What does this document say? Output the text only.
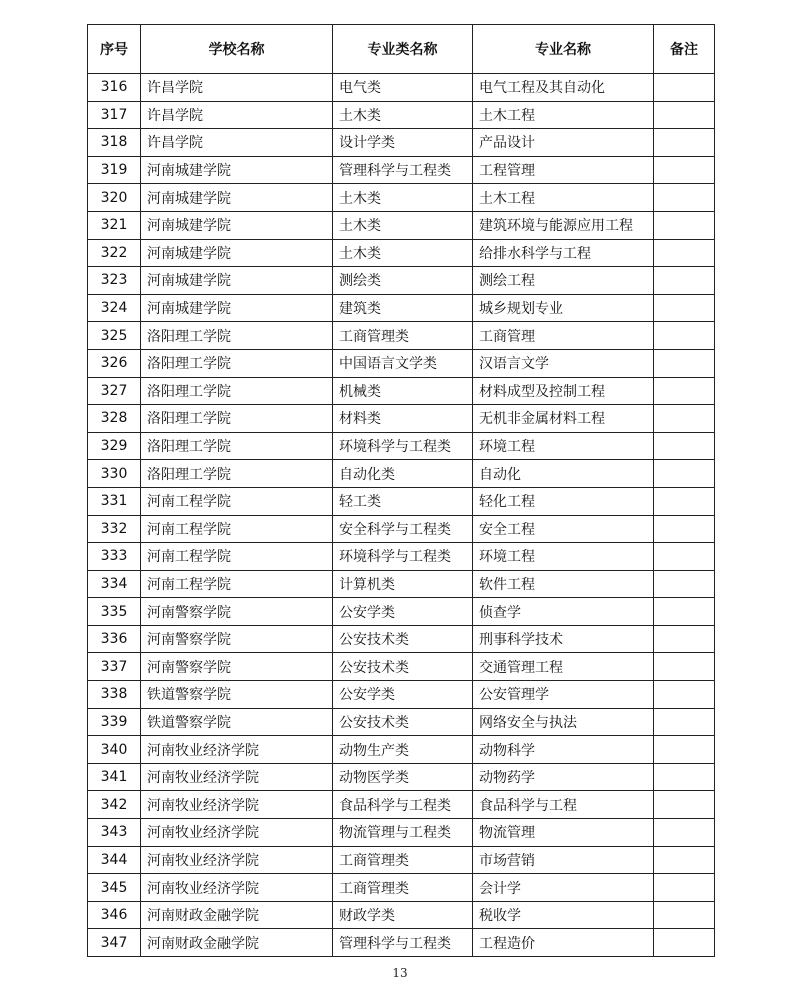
序号	学校名称	专业类名称	专业名称	备注
316	许昌学院	电气类	电气工程及其自动化	
317	许昌学院	土木类	土木工程	
318	许昌学院	设计学类	产品设计	
319	河南城建学院	管理科学与工程类	工程管理	
320	河南城建学院	土木类	土木工程	
321	河南城建学院	土木类	建筑环境与能源应用工程	
322	河南城建学院	土木类	给排水科学与工程	
323	河南城建学院	测绘类	测绘工程	
324	河南城建学院	建筑类	城乡规划专业	
325	洛阳理工学院	工商管理类	工商管理	
326	洛阳理工学院	中国语言文学类	汉语言文学	
327	洛阳理工学院	机械类	材料成型及控制工程	
328	洛阳理工学院	材料类	无机非金属材料工程	
329	洛阳理工学院	环境科学与工程类	环境工程	
330	洛阳理工学院	自动化类	自动化	
331	河南工程学院	轻工类	轻化工程	
332	河南工程学院	安全科学与工程类	安全工程	
333	河南工程学院	环境科学与工程类	环境工程	
334	河南工程学院	计算机类	软件工程	
335	河南警察学院	公安学类	侦查学	
336	河南警察学院	公安技术类	刑事科学技术	
337	河南警察学院	公安技术类	交通管理工程	
338	铁道警察学院	公安学类	公安管理学	
339	铁道警察学院	公安技术类	网络安全与执法	
340	河南牧业经济学院	动物生产类	动物科学	
341	河南牧业经济学院	动物医学类	动物药学	
342	河南牧业经济学院	食品科学与工程类	食品科学与工程	
343	河南牧业经济学院	物流管理与工程类	物流管理	
344	河南牧业经济学院	工商管理类	市场营销	
345	河南牧业经济学院	工商管理类	会计学	
346	河南财政金融学院	财政学类	税收学	
347	河南财政金融学院	管理科学与工程类	工程造价	
13
